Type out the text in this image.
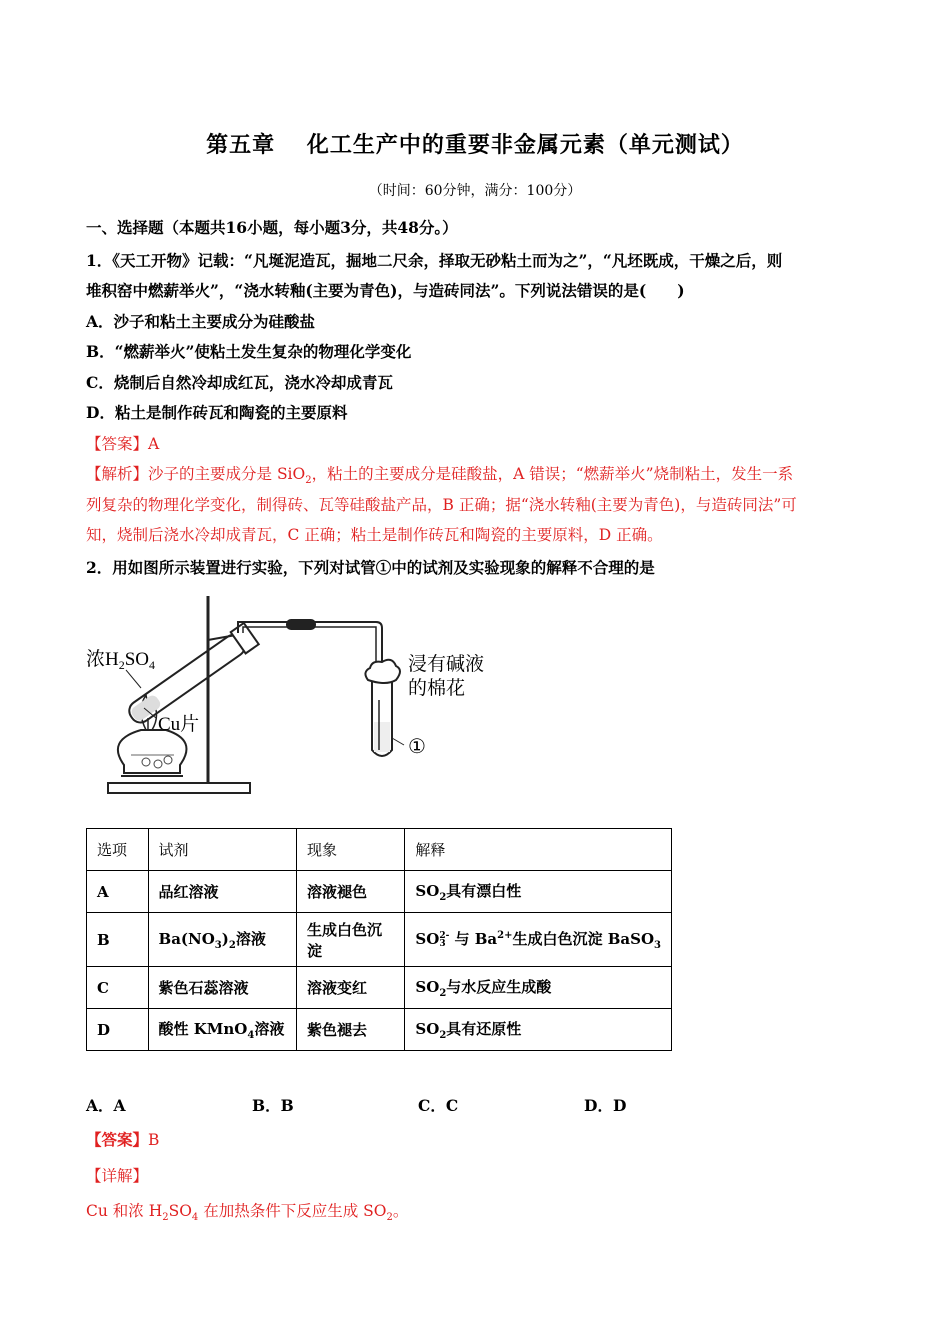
第五章　 化工生产中的重要非金属元素（单元测试）
（时间：60分钟，满分：100分）
一、选择题（本题共16小题，每小题3分，共48分。）
1．《天工开物》记载：“凡埏泥造瓦，掘地二尺余，择取无砂粘土而为之”，“凡坯既成，干燥之后，则
堆积窑中燃薪举火”，“浇水转釉(主要为青色)，与造砖同法”。下列说法错误的是(　　)
A．沙子和粘土主要成分为硅酸盐
B．“燃薪举火”使粘土发生复杂的物理化学变化
C．烧制后自然冷却成红瓦，浇水冷却成青瓦
D．粘土是制作砖瓦和陶瓷的主要原料
【答案】A
【解析】沙子的主要成分是 SiO$_2$，粘土的主要成分是硅酸盐，A 错误；“燃薪举火”烧制粘土，发生一系
列复杂的物理化学变化，制得砖、瓦等硅酸盐产品，B 正确；据“浇水转釉(主要为青色)，与造砖同法”可
知，烧制后浇水冷却成青瓦，C 正确；粘土是制作砖瓦和陶瓷的主要原料，D 正确。
2．用如图所示装置进行实验，下列对试管①中的试剂及实验现象的解释不合理的是
浓$H_2SO_4$
Cu片
浸有碱液
的棉花
①
选项	试剂	现象	解释
A	品红溶液	溶液褪色	$SO_2$具有漂白性
B	$Ba(NO_3)_2$溶液	生成白色沉淀	SO2-
3 与 $Ba^{2+}$生成白色沉淀 BaSO$_3$
C	紫色石蕊溶液	溶液变红	$SO_2$与水反应生成酸
D	酸性 KMnO$_4$溶液	紫色褪去	$SO_2$具有还原性
A．A	B．B	C．C	D．D
【答案】B
【详解】
Cu 和浓 $H_2SO_4$ 在加热条件下反应生成 $SO_2$。
